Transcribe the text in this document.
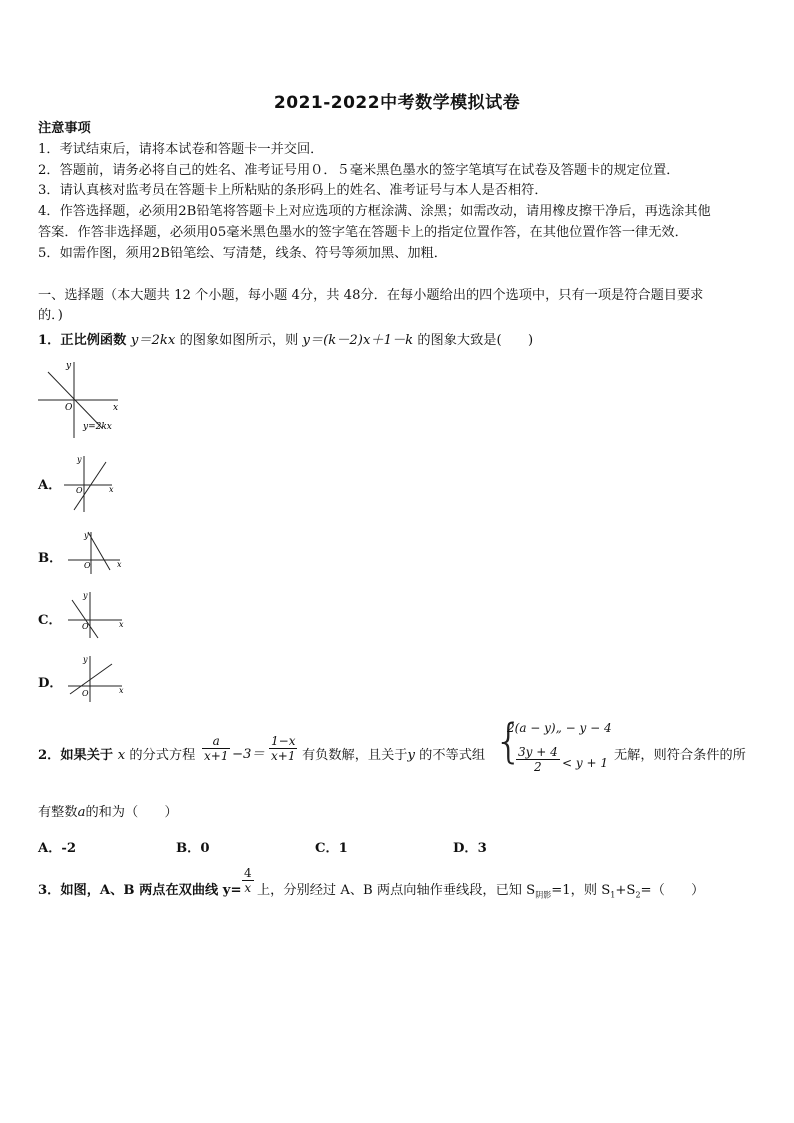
2021-2022中考数学模拟试卷
注意事项
1．考试结束后，请将本试卷和答题卡一并交回．
2．答题前，请务必将自己的姓名、准考证号用０．５毫米黑色墨水的签字笔填写在试卷及答题卡的规定位置．
3．请认真核对监考员在答题卡上所粘贴的条形码上的姓名、准考证号与本人是否相符．
4．作答选择题，必须用2B铅笔将答题卡上对应选项的方框涂满、涂黑；如需改动，请用橡皮擦干净后，再选涂其他
答案．作答非选择题，必须用05毫米黑色墨水的签字笔在答题卡上的指定位置作答，在其他位置作答一律无效．
5．如需作图，须用2B铅笔绘、写清楚，线条、符号等须加黑、加粗．
一、选择题（本大题共 12 个小题，每小题 4分，共 48分．在每小题给出的四个选项中，只有一项是符合题目要求
的．)
1．正比例函数 y＝2kx 的图象如图所示，则 y＝(k－2)x＋1－k 的图象大致是(　　)
y
x
O
y=2kx
A．
y
x
O
B．
y
x
O
C．
y
x
O
D．
y
x
O
2．如果关于 x 的分式方程 $\frac{a}{x+1} -3= \frac{1-x}{x+1}$ 有负数解，且关于y 的不等式组 {
2(a − y)„ − y − 4
$\frac{3y + 4}{2} < y + 1$ 无解，则符合条件的所
有整数a的和为（　　）
A．-2	B．0	C．1	D．3
3．如图，A、B 两点在双曲线 $y= \frac{4}{x}$ 上，分别经过 A、B 两点向轴作垂线段，已知 $S_{阴影}=1$，则 $S_1+S_2=$（　　）
